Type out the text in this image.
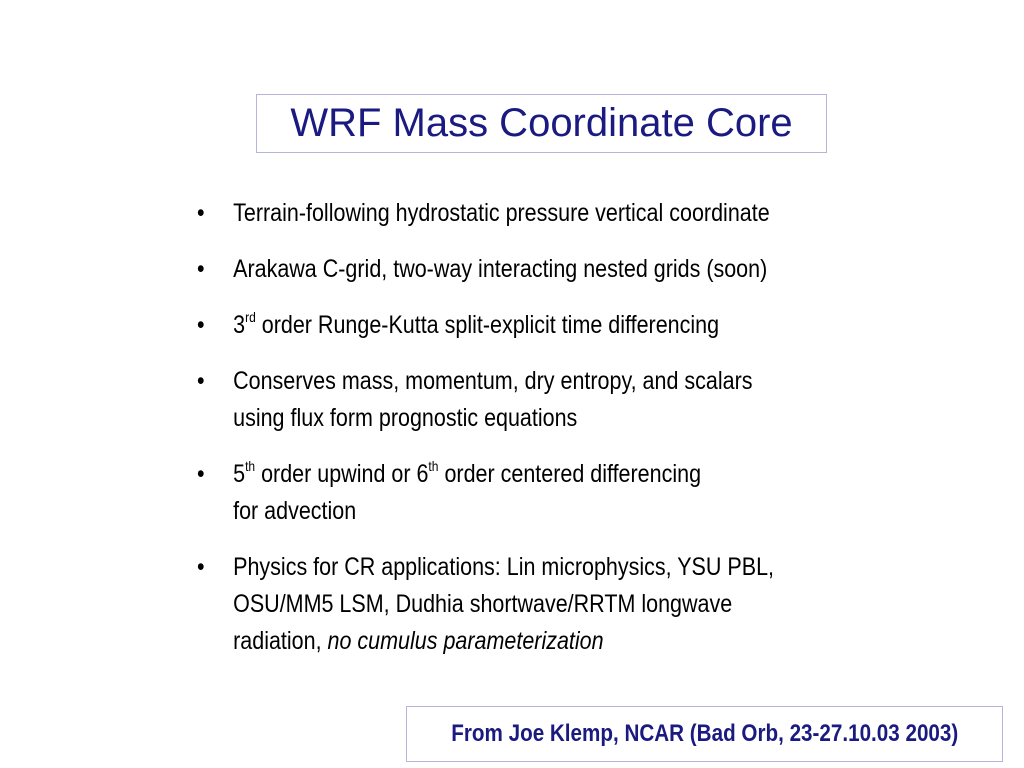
WRF Mass Coordinate Core
• Terrain-following hydrostatic pressure vertical coordinate
• Arakawa C-grid, two-way interacting nested grids (soon)
• 3rd order Runge-Kutta split-explicit time differencing
• Conserves mass, momentum, dry entropy, and scalars
using flux form prognostic equations
• 5th order upwind or 6th order centered differencing
for advection
• Physics for CR applications: Lin microphysics, YSU PBL,
OSU/MM5 LSM, Dudhia shortwave/RRTM longwave
radiation, no cumulus parameterization
From Joe Klemp, NCAR (Bad Orb, 23-27.10.03 2003)
